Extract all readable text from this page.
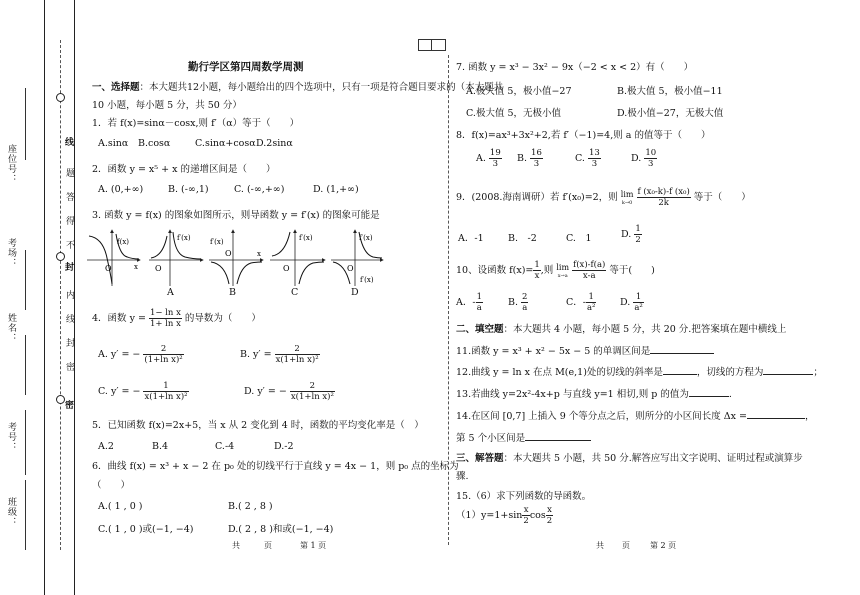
座位号：
考场：
姓名：
考号：
班级：
线
题
答
得
不
封
内
线
封
密
密
勤行学区第四周数学周测
一、选择题：本大题共12小题，每小题给出的四个选项中，只有一项是符合题目要求的（本大题共
10 小题，每小题 5 分，共 50 分）
1．若 f(x)=sinα－cosx,则 f′（α）等于（　　）
A.sinα B.cosα	C.sinα+cosα D.2sinα
2．函数 y = x⁵ + x 的递增区间是（　　）
A. (0,+∞)	B. (-∞,1)	C. (-∞,+∞)	D. (1,+∞)
3. 函数 y = f(x) 的图象如图所示，则导函数 y = f′(x) 的图象可能是
f(x)
O	x
f′(x)
O
f′(x)
O	x
f′(x)
O
f′(x)
f′(x)
O
A	B	C	D
4．函数 $y = \frac{\text{1− ln x}}{\text{1+ ln x}}$ 的导数为（　　）
A. y′ = − $\frac{2}{\text{(1+ln x)²}}$	B. $y' = \frac{2}{\text{x(1+ln x)²}}$
C. y′ = − $\frac{1}{\text{x(1+ln x)²}}$	D. y′ = − $\frac{2}{\text{x(1+ln x)²}}$
5．已知函数 f(x)=2x+5，当 x 从 2 变化到 4 时，函数的平均变化率是（　）
A.2	B.4	C.-4	D.-2
6．曲线 f(x) = x³ + x − 2 在 p₀ 处的切线平行于直线 y = 4x − 1，则 p₀ 点的坐标为
（　　）
A.( 1 , 0 )	B.( 2 , 8 )
C.( 1 , 0 )或(−1, −4)	D.( 2 , 8 )和或(−1, −4)
共	页	第 1 页
7. 函数 y = x³ − 3x² − 9x（−2 < x < 2）有（　　）
A.极大值 5，极小值−27	B.极大值 5，极小值−11
C.极大值 5，无极小值	D.极小值−27，无极大值
8．f(x)=ax³+3x²+2,若 f′（−1)=4,则 a 的值等于（　　）
A. $\frac{19}{3} B$. $\frac{16}{3}$	C. $\frac{13}{3}$	D. $\frac{10}{3}$
9．(2008.海南调研）若 f′(x₀)=2，则 lim
k→0
$\frac{\text{f (x₀-k)-f (x₀)}}{2k}$ 等于（　　）
A．-1	B.　-2	C.　1	D. $\frac{1}{2}$
10、设函数 $f(x)= \frac{1}{x}$ ,则 lim
x→a
$\frac{f(x)-f(a)}{x-a}$ 等于(　　)
A．- $\frac{1}{a}$	B. $\frac{2}{a}$	C．- $\frac{1}{\text{a²}} D$. $\frac{1}{\text{a²}}$
二、填空题：本大题共 4 小题，每小题 5 分，共 20 分.把答案填在题中横线上
11.函数 y = x³ + x² − 5x − 5 的单调区间是
12.曲线 y = ln x 在点 M(e,1)处的切线的斜率是	，切线的方程为	；
13.若曲线 y=2x²-4x+p 与直线 y=1 相切,则 p 的值为	.
14.在区间 [0,7] 上插入 9 个等分点之后，则所分的小区间长度 Δx =	，
第 5 个小区间是
三、解答题：本大题共 5 小题，共 50 分.解答应写出文字说明、证明过程或演算步
骤.
15.（6）求下列函数的导函数。
$(1)y=1+\sin \frac{x}{2}$ $\cos \frac{x}{2}$
共 页	第 2 页
